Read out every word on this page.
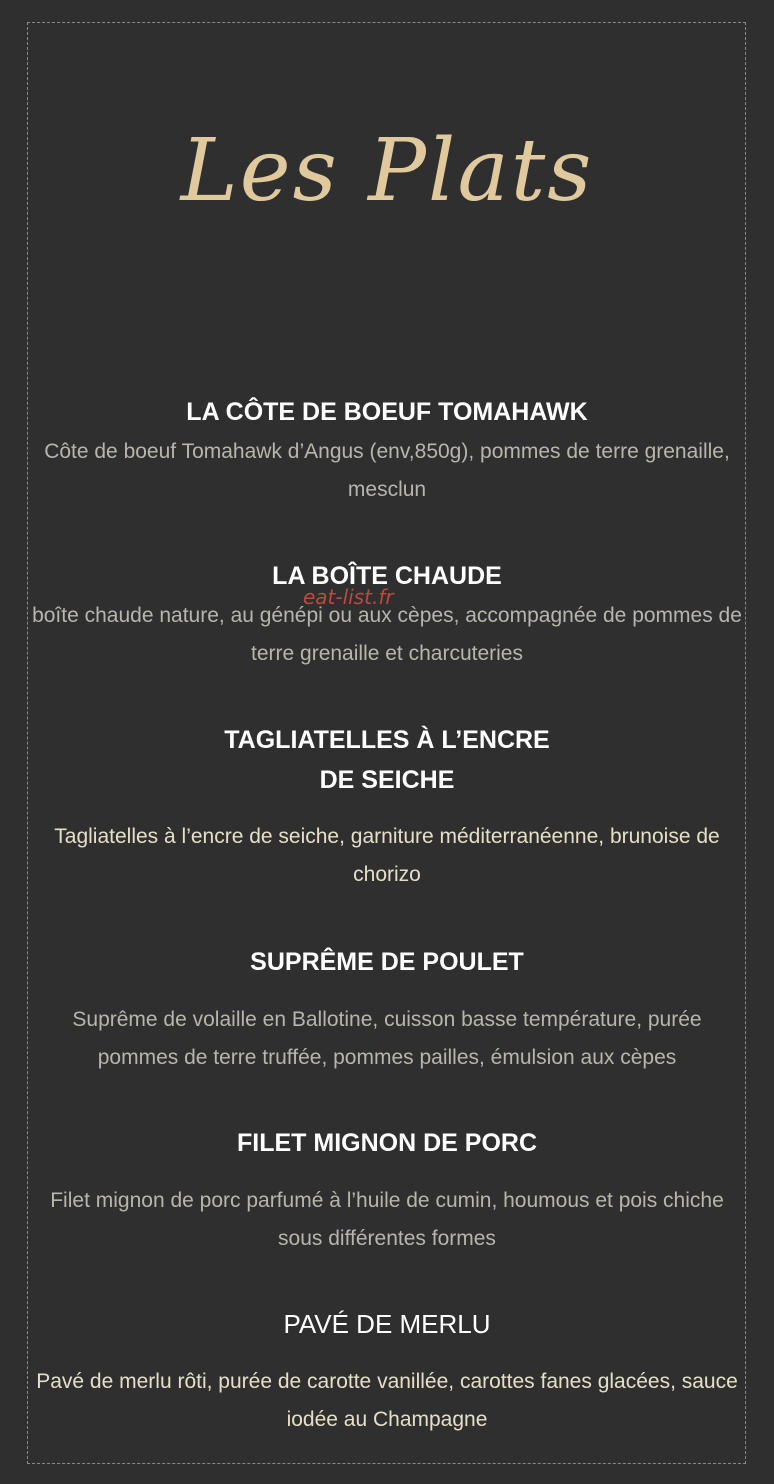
Les Plats
LA CÔTE DE BOEUF TOMAHAWK
Côte de boeuf Tomahawk d’Angus (env,850g), pommes de terre grenaille, mesclun
LA BOÎTE CHAUDE
boîte chaude nature, au génépi ou aux cèpes, accompagnée de pommes de terre grenaille et charcuteries
TAGLIATELLES À L’ENCRE
DE SEICHE
Tagliatelles à l’encre de seiche, garniture méditerranéenne, brunoise de chorizo
SUPRÊME DE POULET
Suprême de volaille en Ballotine, cuisson basse température, purée pommes de terre truffée, pommes pailles, émulsion aux cèpes
FILET MIGNON DE PORC
Filet mignon de porc parfumé à l’huile de cumin, houmous et pois chiche sous différentes formes
PAVÉ DE MERLU
Pavé de merlu rôti, purée de carotte vanillée, carottes fanes glacées, sauce iodée au Champagne
eat-list.fr
